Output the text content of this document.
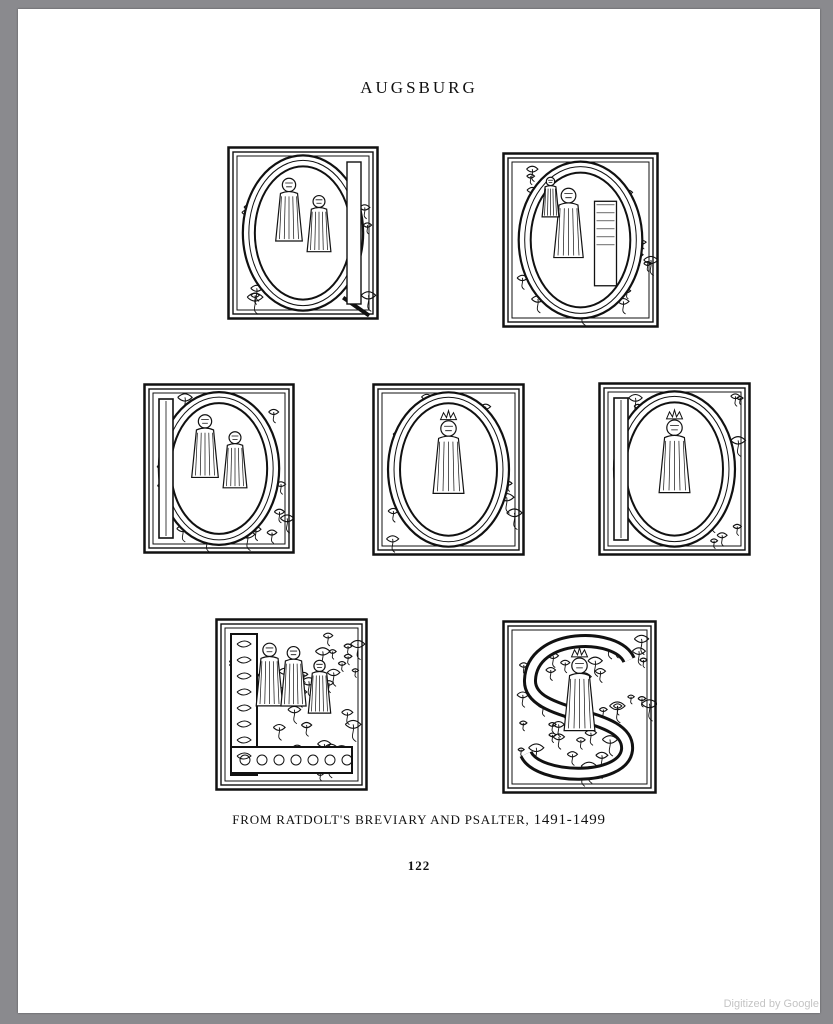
AUGSBURG
FROM RATDOLT'S BREVIARY AND PSALTER, 1491-1499
122
Digitized by Google
